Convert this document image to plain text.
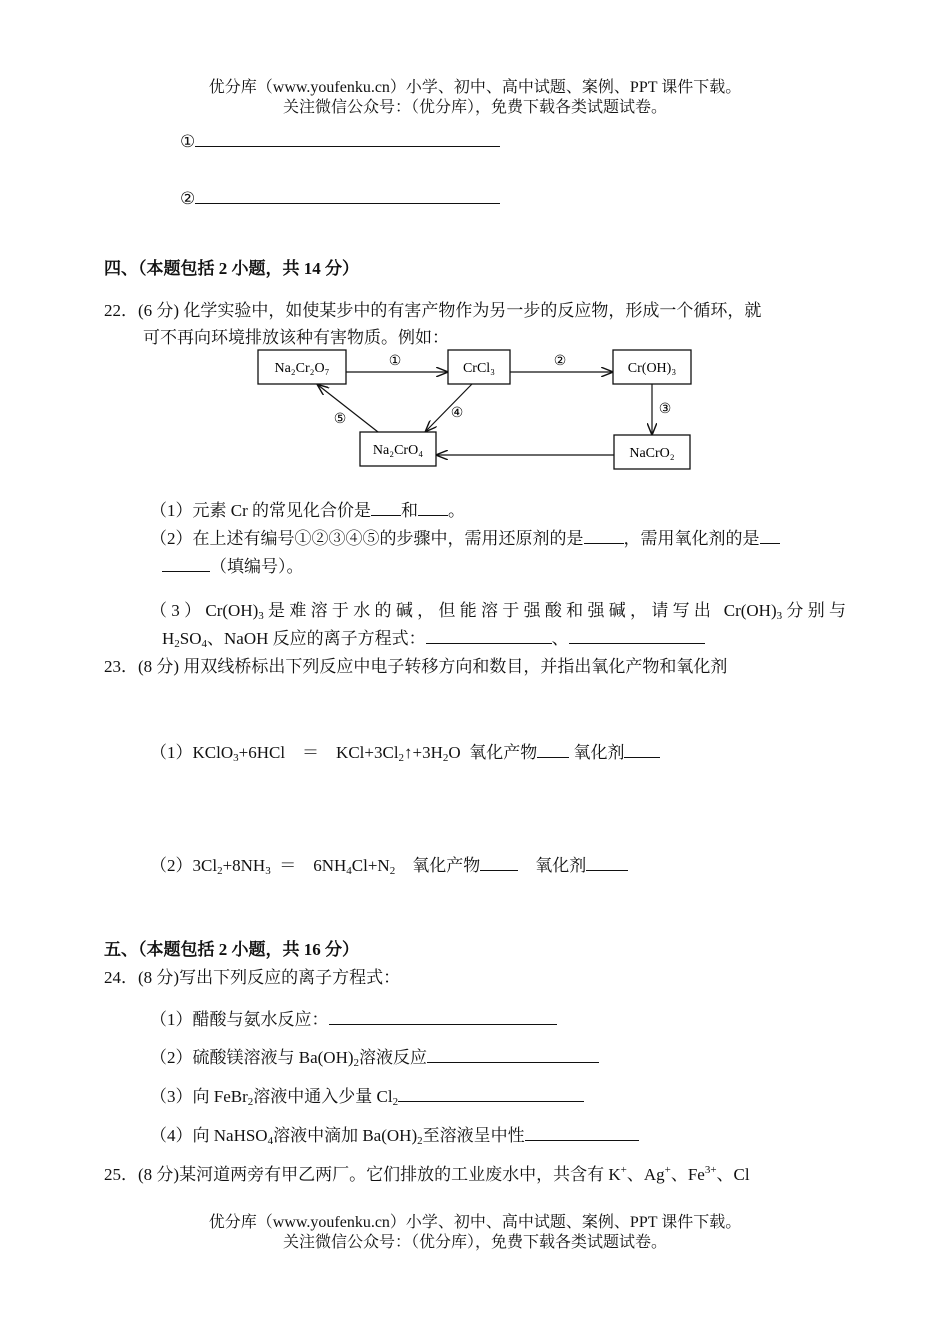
优分库（www.youfenku.cn）小学、初中、高中试题、案例、PPT 课件下载。
关注微信公众号：（优分库），免费下载各类试题试卷。
①
②
四、（本题包括 2 小题，共 14 分）
22．(6 分) 化学实验中，如使某步中的有害产物作为另一步的反应物，形成一个循环，就
可不再向环境排放该种有害物质。例如：
Na₂Cr₂O₇	CrCl₃	Cr(OH)₃
Na₂CrO₄	NaCrO₂
①	②
③
④
⑤
（1）元素 Cr 的常见化合价是 和 。
（2）在上述有编号①②③④⑤的步骤中，需用还原剂的是 ，需用氧化剂的是
（填编号）。
$(3)Cr(OH)_3$是难溶于水的碱，但能溶于强酸和强碱，请写出 $Cr(OH)_3$分别与
$H_2SO_4$、NaOH 反应的离子方程式：	、
23．(8 分) 用双线桥标出下列反应中电子转移方向和数目，并指出氧化产物和氧化剂
（1）KClO$_3$+6HCl　＝　$KCl+3Cl_2↑+3H_2O$ 氧化产物 氧化剂
$(2)3Cl_2+8NH_3$ ＝　$6NH_4Cl+N_2$ 氧化产物	氧化剂
五、（本题包括 2 小题，共 16 分）
24．(8 分)写出下列反应的离子方程式：
（1）醋酸与氨水反应：
（2）硫酸镁溶液与 $Ba(OH)_2$溶液反应
（3）向 FeBr$_2$溶液中通入少量 $Cl_2$
（4）向 NaHSO$_4$溶液中滴加 $Ba(OH)_2$至溶液呈中性
25．(8 分)某河道两旁有甲乙两厂。它们排放的工业废水中，共含有 K+、Ag+、$Fe^{3+}$、Cl
优分库（www.youfenku.cn）小学、初中、高中试题、案例、PPT 课件下载。
关注微信公众号：（优分库），免费下载各类试题试卷。
